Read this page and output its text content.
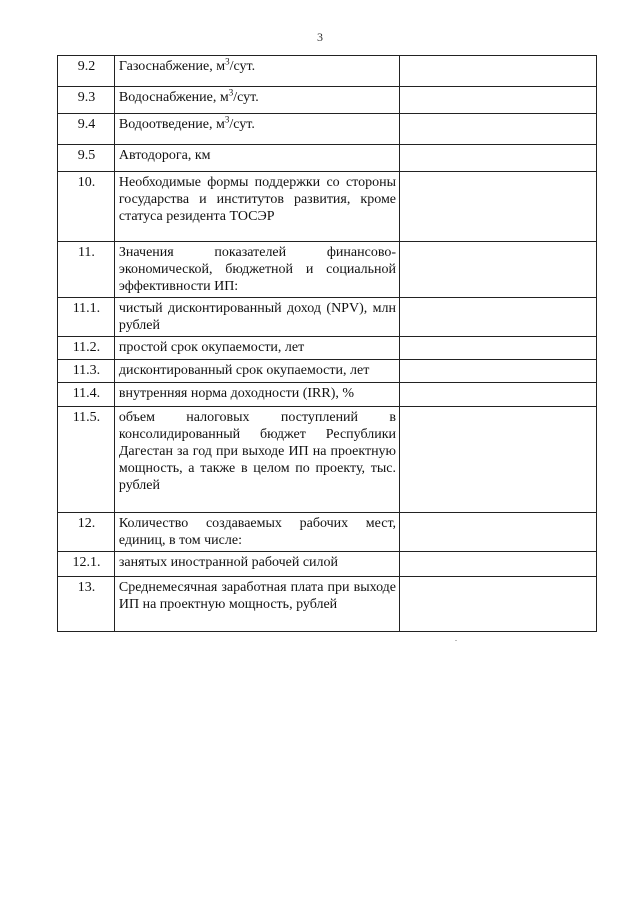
3
9.2	Газоснабжение, $м^3$/сут.	
9.3	Водоснабжение, $м^3$/сут.	
9.4	Водоотведение, $м^3$/сут.	
9.5	Автодорога, км	
10.	Необходимые формы поддержки со стороны государства и институтов развития, кроме статуса резидента ТОСЭР	
11.	Значения показателей финансово-экономической, бюджетной и социальной эффективности ИП:	
11.1.	чистый дисконтированный доход (NPV), млн рублей	
11.2.	простой срок окупаемости, лет	
11.3.	дисконтированный срок окупаемости, лет	
11.4.	внутренняя норма доходности (IRR), %	
11.5.	объем налоговых поступлений в консолидированный бюджет Республики Дагестан за год при выходе ИП на проектную мощность, а также в целом по проекту, тыс. рублей	
12.	Количество создаваемых рабочих мест, единиц, в том числе:	
12.1.	занятых иностранной рабочей силой	
13.	Среднемесячная заработная плата при выходе ИП на проектную мощность, рублей	
